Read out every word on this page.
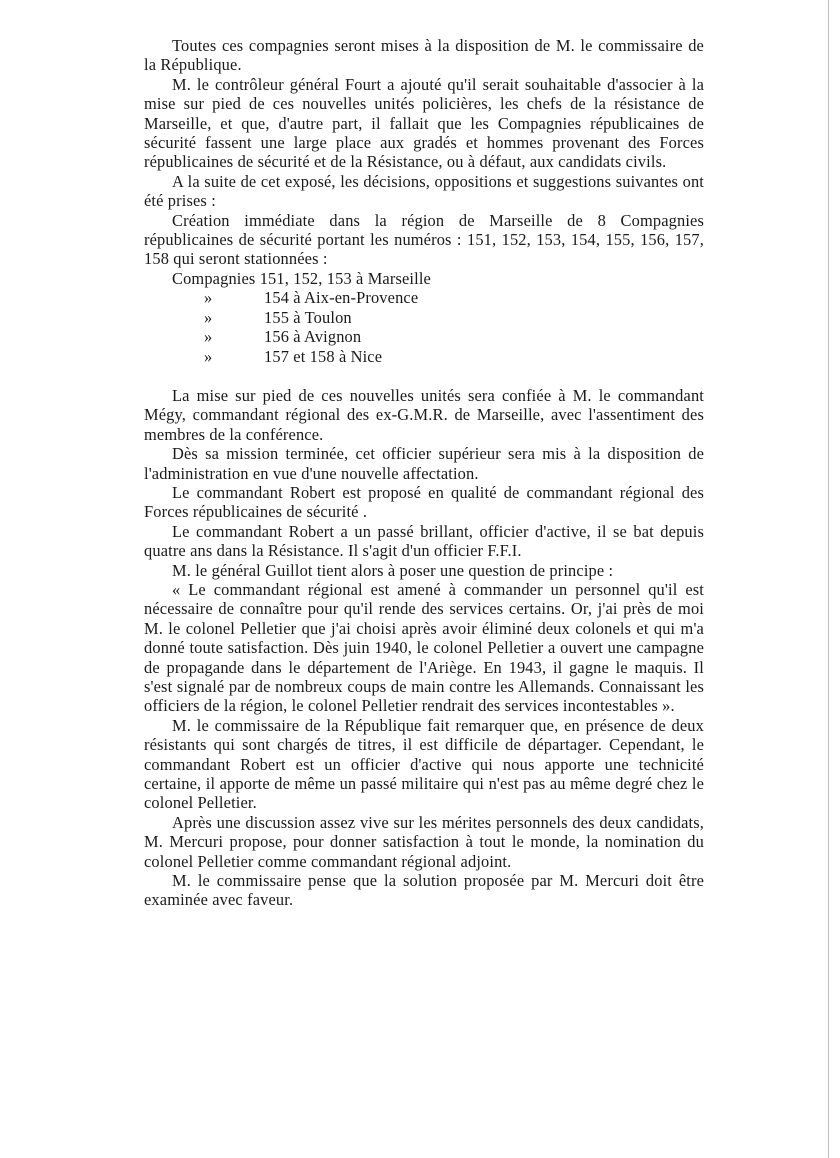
Toutes ces compagnies seront mises à la disposition de M. le commissaire de la République.

M. le contrôleur général Fourt a ajouté qu'il serait souhaitable d'associer à la mise sur pied de ces nouvelles unités policières, les chefs de la résistance de Marseille, et que, d'autre part, il fallait que les Compagnies républicaines de sécurité fassent une large place aux gradés et hommes provenant des Forces républicaines de sécurité et de la Résistance, ou à défaut, aux candidats civils.

A la suite de cet exposé, les décisions, oppositions et suggestions suivantes ont été prises :

Création immédiate dans la région de Marseille de 8 Compagnies républicaines de sécurité portant les numéros : 151, 152, 153, 154, 155, 156, 157, 158 qui seront stationnées :

Compagnies 151, 152, 153 à Marseille
»	154 à Aix-en-Provence
»	155 à Toulon
»	156 à Avignon
»	157 et 158 à Nice

La mise sur pied de ces nouvelles unités sera confiée à M. le commandant Mégy, commandant régional des ex-G.M.R. de Marseille, avec l'assentiment des membres de la conférence.

Dès sa mission terminée, cet officier supérieur sera mis à la disposition de l'administration en vue d'une nouvelle affectation.

Le commandant Robert est proposé en qualité de commandant régional des Forces républicaines de sécurité .

Le commandant Robert a un passé brillant, officier d'active, il se bat depuis quatre ans dans la Résistance. Il s'agit d'un officier F.F.I.

M. le général Guillot tient alors à poser une question de principe :

« Le commandant régional est amené à commander un personnel qu'il est nécessaire de connaître pour qu'il rende des services certains. Or, j'ai près de moi M. le colonel Pelletier que j'ai choisi après avoir éliminé deux colonels et qui m'a donné toute satisfaction. Dès juin 1940, le colonel Pelletier a ouvert une campagne de propagande dans le département de l'Ariège. En 1943, il gagne le maquis. Il s'est signalé par de nombreux coups de main contre les Allemands. Connaissant les officiers de la région, le colonel Pelletier rendrait des services incontestables ».

M. le commissaire de la République fait remarquer que, en présence de deux résistants qui sont chargés de titres, il est difficile de départager. Cependant, le commandant Robert est un officier d'active qui nous apporte une technicité certaine, il apporte de même un passé militaire qui n'est pas au même degré chez le colonel Pelletier.

Après une discussion assez vive sur les mérites personnels des deux candidats, M. Mercuri propose, pour donner satisfaction à tout le monde, la nomination du colonel Pelletier comme commandant régional adjoint.

M. le commissaire pense que la solution proposée par M. Mercuri doit être examinée avec faveur.
